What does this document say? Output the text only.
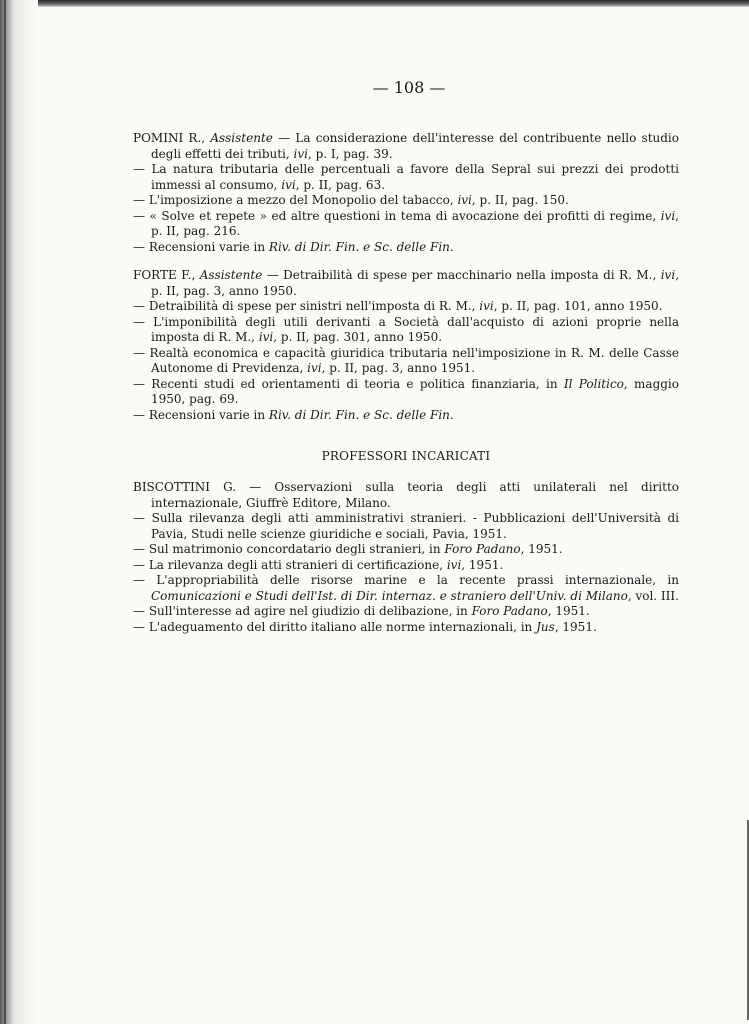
— 108 —

POMINI R., Assistente — La considerazione dell'interesse del contribuente nello studio degli effetti dei tributi, ivi, p. I, pag. 39.

— La natura tributaria delle percentuali a favore della Sepral sui prezzi dei prodotti immessi al consumo, ivi, p. II, pag. 63.

— L'imposizione a mezzo del Monopolio del tabacco, ivi, p. II, pag. 150.

— « Solve et repete » ed altre questioni in tema di avocazione dei profitti di regime, ivi, p. II, pag. 216.

— Recensioni varie in Riv. di Dir. Fin. e Sc. delle Fin.

FORTE F., Assistente — Detraibilità di spese per macchinario nella imposta di R. M., ivi, p. II, pag. 3, anno 1950.

— Detraibilità di spese per sinistri nell'imposta di R. M., ivi, p. II, pag. 101, anno 1950.

— L'imponibilità degli utili derivanti a Società dall'acquisto di azioni proprie nella imposta di R. M., ivi, p. II, pag. 301, anno 1950.

— Realtà economica e capacità giuridica tributaria nell'imposizione in R. M. delle Casse Autonome di Previdenza, ivi, p. II, pag. 3, anno 1951.

— Recenti studi ed orientamenti di teoria e politica finanziaria, in Il Politico, maggio 1950, pag. 69.

— Recensioni varie in Riv. di Dir. Fin. e Sc. delle Fin.

PROFESSORI INCARICATI

BISCOTTINI G. — Osservazioni sulla teoria degli atti unilaterali nel diritto internazionale, Giuffrè Editore, Milano.

— Sulla rilevanza degli atti amministrativi stranieri. - Pubblicazioni dell'Università di Pavia, Studi nelle scienze giuridiche e sociali, Pavia, 1951.

— Sul matrimonio concordatario degli stranieri, in Foro Padano, 1951.

— La rilevanza degli atti stranieri di certificazione, ivi, 1951.

— L'appropriabilità delle risorse marine e la recente prassi internazionale, in Comunicazioni e Studi dell'Ist. di Dir. internaz. e straniero dell'Univ. di Milano, vol. III.

— Sull'interesse ad agire nel giudizio di delibazione, in Foro Padano, 1951.

— L'adeguamento del diritto italiano alle norme internazionali, in Jus, 1951.
